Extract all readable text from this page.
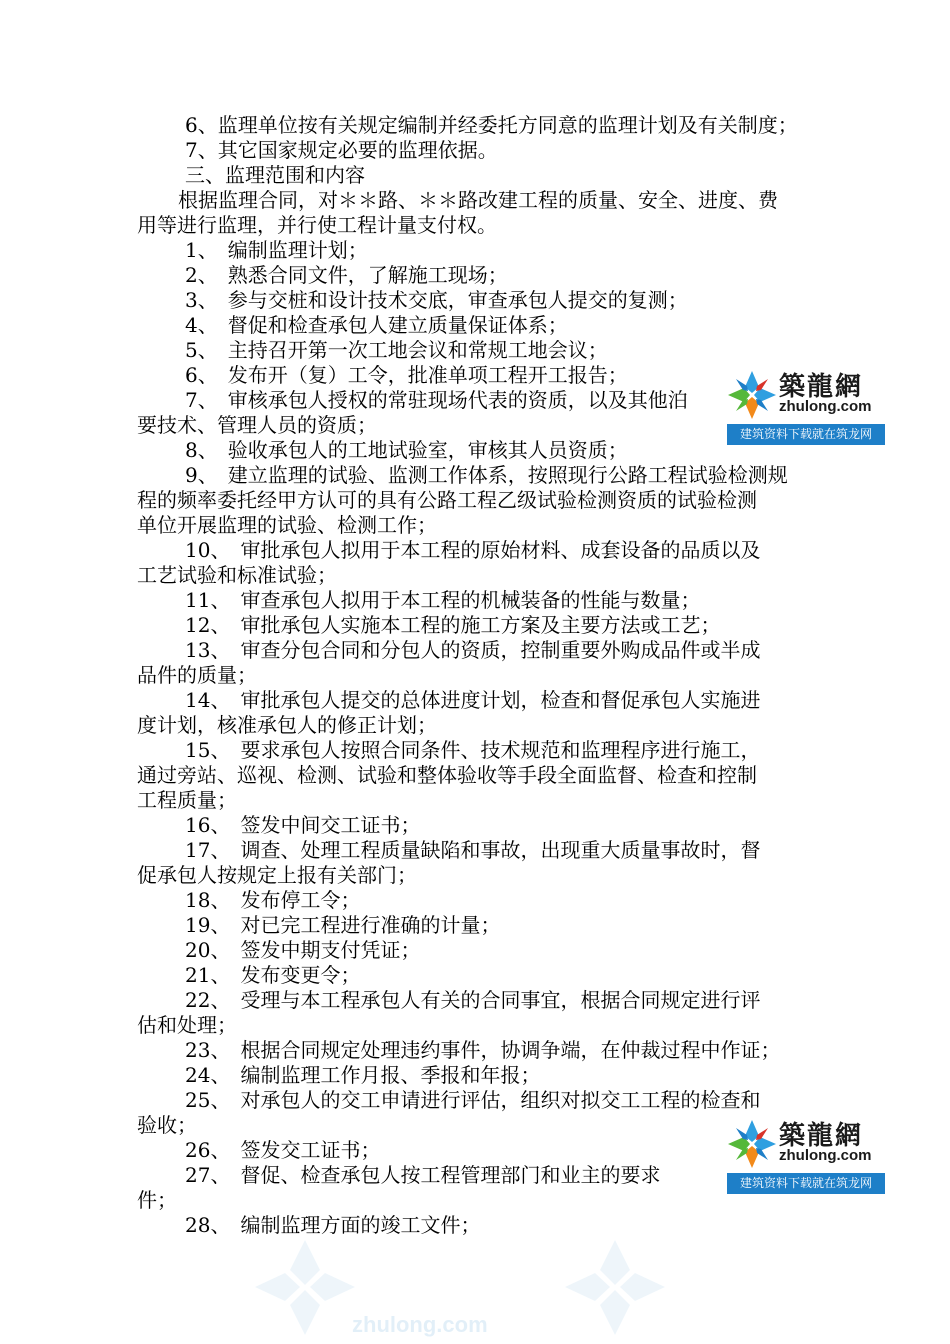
6、监理单位按有关规定编制并经委托方同意的监理计划及有关制度；
7、其它国家规定必要的监理依据。
三、监理范围和内容
根据监理合同，对＊＊路、＊＊路改建工程的质量、安全、进度、费
用等进行监理，并行使工程计量支付权。
1、　编制监理计划；
2、　熟悉合同文件，了解施工现场；
3、　参与交桩和设计技术交底，审查承包人提交的复测；
4、　督促和检查承包人建立质量保证体系；
5、　主持召开第一次工地会议和常规工地会议；
6、　发布开（复）工令，批准单项工程开工报告；
7、　审核承包人授权的常驻现场代表的资质，以及其他泊
要技术、管理人员的资质；
8、　验收承包人的工地试验室，审核其人员资质；
9、　建立监理的试验、监测工作体系，按照现行公路工程试验检测规
程的频率委托经甲方认可的具有公路工程乙级试验检测资质的试验检测
单位开展监理的试验、检测工作；
10、　审批承包人拟用于本工程的原始材料、成套设备的品质以及
工艺试验和标准试验；
11、　审查承包人拟用于本工程的机械装备的性能与数量；
12、　审批承包人实施本工程的施工方案及主要方法或工艺；
13、　审查分包合同和分包人的资质，控制重要外购成品件或半成
品件的质量；
14、　审批承包人提交的总体进度计划，检查和督促承包人实施进
度计划，核准承包人的修正计划；
15、　要求承包人按照合同条件、技术规范和监理程序进行施工，
通过旁站、巡视、检测、试验和整体验收等手段全面监督、检查和控制
工程质量；
16、　签发中间交工证书；
17、　调查、处理工程质量缺陷和事故，出现重大质量事故时，督
促承包人按规定上报有关部门；
18、　发布停工令；
19、　对已完工程进行准确的计量；
20、　签发中期支付凭证；
21、　发布变更令；
22、　受理与本工程承包人有关的合同事宜，根据合同规定进行评
估和处理；
23、　根据合同规定处理违约事件，协调争端，在仲裁过程中作证；
24、　编制监理工作月报、季报和年报；
25、　对承包人的交工申请进行评估，组织对拟交工工程的检查和
验收；
26、　签发交工证书；
27、　督促、检查承包人按工程管理部门和业主的要求
件；
28、　编制监理方面的竣工文件；
zhulong.com
築龍網
zhulong.com
建筑资料下载就在筑龙网
築龍網
zhulong.com
建筑资料下载就在筑龙网
